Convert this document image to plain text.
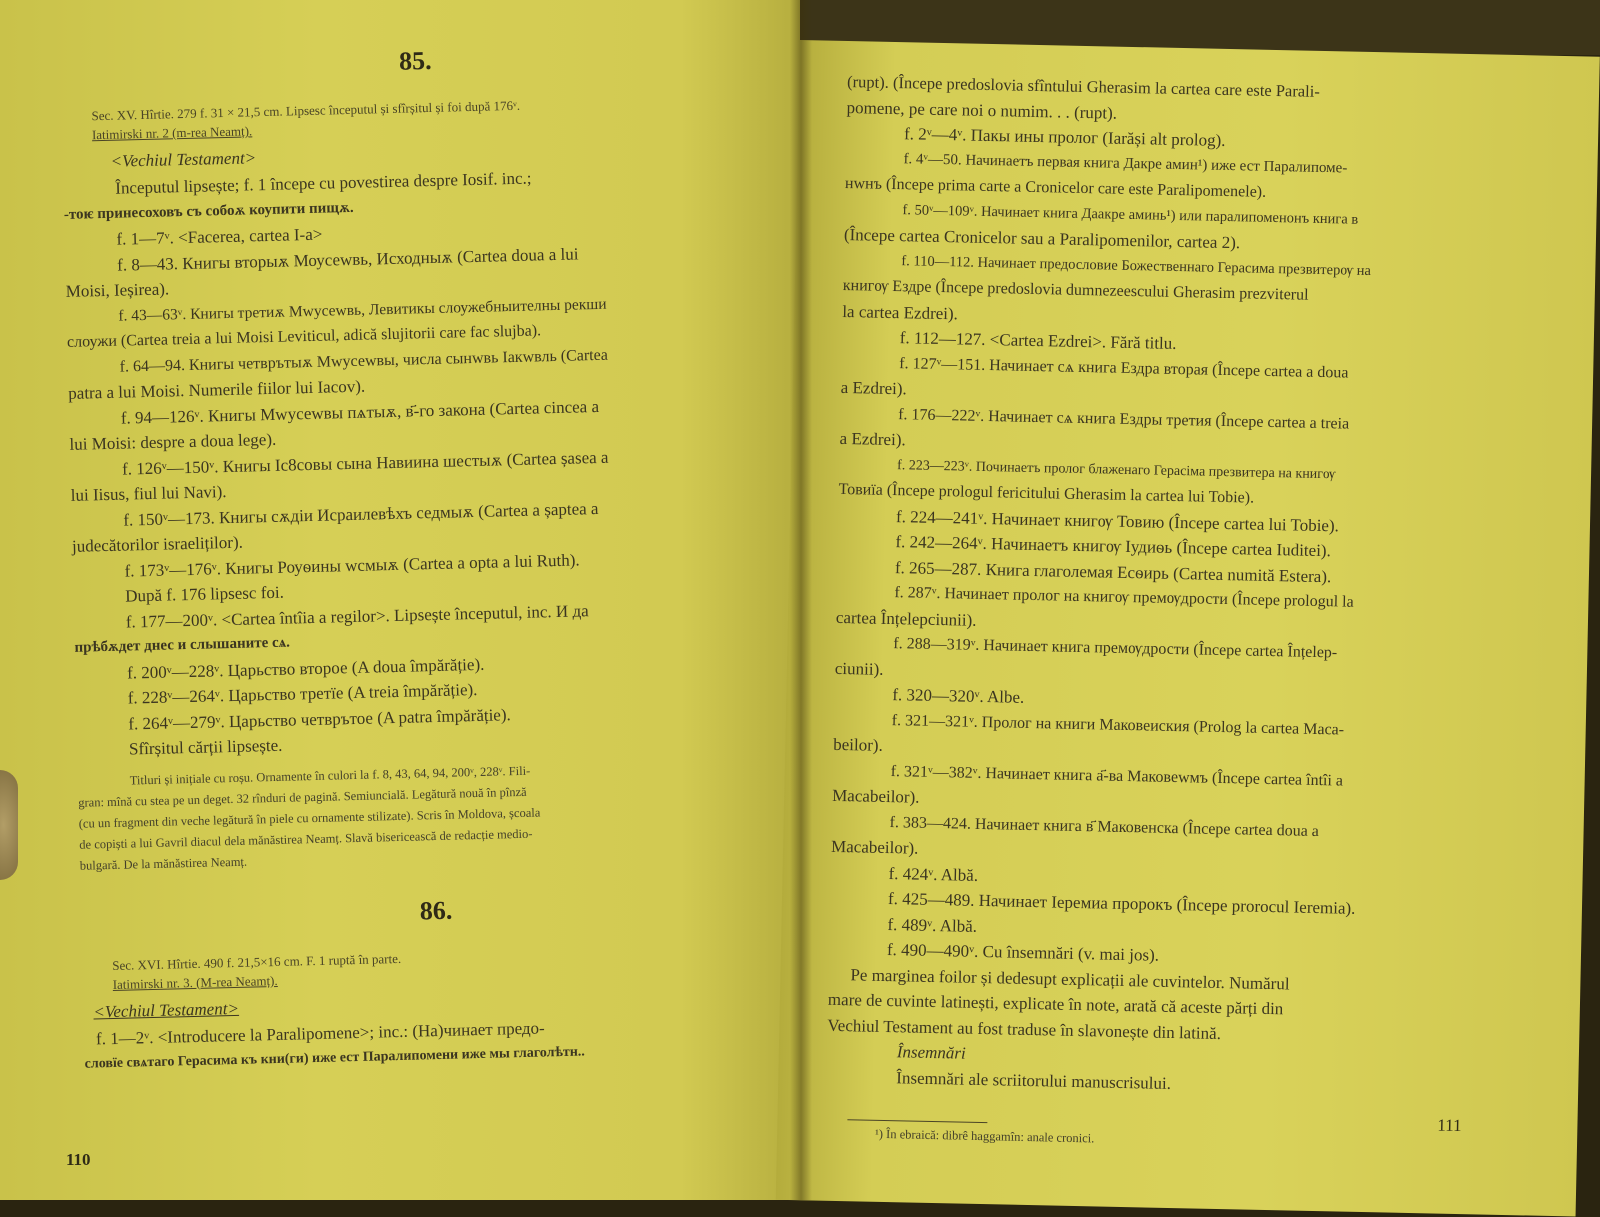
85.
Sec. XV. Hîrtie. 279 f. 31 × 21,5 cm. Lipsesc începutul și sfîrșitul și foi după 176ᵛ.
Iatimirski nr. 2 (m-rea Neamț).
<Vechiul Testament>

Începutul lipsește; f. 1 începe cu povestirea despre Iosif. inc.;

-тоѥ принесоховъ съ собоѫ коупити пищѫ.

f. 1—7ᵛ. <Facerea, cartea I-a>

f. 8—43. Книгы вторыѫ Моусеwвь, Исходныѫ (Cartea doua a lui

Moisi, Ieșirea).

f. 43—63ᵛ. Книгы третиѫ Мwусеwвь, Левитикы слоужебныителны рекши

слоужи (Cartea treia a lui Moisi Leviticul, adică slujitorii care fac slujba).

f. 64—94. Книгы четврътыѫ Мwусеwвы, числа сынwвь Іакwвль (Cartea

patra a lui Moisi. Numerile fiilor lui Iacov).

f. 94—126ᵛ. Книгы Мwусеwвы пѧтыѫ, в҃-го закона (Cartea cincea a

lui Moisi: despre a doua lege).

f. 126ᵛ—150ᵛ. Книгы Іс8совы сына Навиина шестыѫ (Cartea șasea a

lui Iisus, fiul lui Navi).

f. 150ᵛ—173. Книгы сѫдіи Исраилевѣхъ седмыѫ (Cartea a șaptea a

judecătorilor israeliților).

f. 173ᵛ—176ᵛ. Книгы Роуѳины wсмыѫ (Cartea a opta a lui Ruth).

După f. 176 lipsesc foi.

f. 177—200ᵛ. <Cartea întîia a regilor>. Lipsește începutul, inc. И да

прѣбѫдет днес и слышаните сѧ.

f. 200ᵛ—228ᵛ. Царьство второе (A doua împărăție).

f. 228ᵛ—264ᵛ. Царьство третїе (A treia împărăție).

f. 264ᵛ—279ᵛ. Царьство четврътое (A patra împărăție).

Sfîrșitul cărții lipsește.

Titluri și inițiale cu roșu. Ornamente în culori la f. 8, 43, 64, 94, 200ᵛ, 228ᵛ. Fili-

gran: mînă cu stea pe un deget. 32 rînduri de pagină. Semiuncială. Legătură nouă în pînză

(cu un fragment din veche legătură în piele cu ornamente stilizate). Scris în Moldova, școala

de copiști a lui Gavril diacul dela mănăstirea Neamț. Slavă bisericească de redacție medio-

bulgară. De la mănăstirea Neamț.

86.
Sec. XVI. Hîrtie. 490 f. 21,5×16 cm. F. 1 ruptă în parte.
Iatimirski nr. 3. (M-rea Neamț).
<Vechiul Testament>

f. 1—2ᵛ. <Introducere la Paralipomene>; inc.: (На)чинает предо-

словїе свѧтаго Герасима къ кни(ги) иже ест Паралипомени иже мы глаголѣтн..

110

(rupt). (Începe predoslovia sfîntului Gherasim la cartea care este Parali-

pomene, pe care noi o numim. . . (rupt).

f. 2ᵛ—4ᵛ. Пакы ины пролог (Iarăși alt prolog).

f. 4ᵛ—50. Начинаетъ первая книга Дакре амин¹) иже ест Паралипоме-

нwнъ (Începe prima carte a Cronicelor care este Paralipomenele).

f. 50ᵛ—109ᵛ. Начинает книга Даакре аминь¹) или паралипоменонъ книга в

(Începe cartea Cronicelor sau a Paralipomenilor, cartea 2).

f. 110—112. Начинает предословие Божественнаго Герасима презвитерѹ на

книгѹ Ездре (Începe predoslovia dumnezeescului Gherasim prezviterul

la cartea Ezdrei).

f. 112—127. <Cartea Ezdrei>. Fără titlu.

f. 127ᵛ—151. Начинает сѧ книга Ездра вторая (Începe cartea a doua

a Ezdrei).

f. 176—222ᵛ. Начинает сѧ книга Ездры третия (Începe cartea a treia

a Ezdrei).

f. 223—223ᵛ. Починаетъ пролог блаженаго Герасіма презвитера на книгѹ

Товиїа (Începe prologul fericitului Gherasim la cartea lui Tobie).

f. 224—241ᵛ. Начинает книгѹ Товию (Începe cartea lui Tobie).

f. 242—264ᵛ. Начинаетъ книгѹ Іудиѳь (Începe cartea Iuditei).

f. 265—287. Книга глаголемая Есѳирь (Cartea numită Estera).

f. 287ᵛ. Начинает пролог на книгѹ премѹдрости (Începe prologul la

cartea Înțelepciunii).

f. 288—319ᵛ. Начинает книга премѹдрости (Începe cartea Înțelep-

ciunii).

f. 320—320ᵛ. Albe.

f. 321—321ᵛ. Пролог на книги Маковеиския (Prolog la cartea Maca-

beilor).

f. 321ᵛ—382ᵛ. Начинает книга а҃-ва Маковеwмъ (Începe cartea întîi a

Macabeilor).

f. 383—424. Начинает книга в҃ Маковенска (Începe cartea doua a

Macabeilor).

f. 424ᵛ. Albă.

f. 425—489. Начинает Іеремиа пророкъ (Începe prorocul Ieremia).

f. 489ᵛ. Albă.

f. 490—490ᵛ. Cu însemnări (v. mai jos).

Pe marginea foilor și dedesupt explicații ale cuvintelor. Numărul

mare de cuvinte latinești, explicate în note, arată că aceste părți din

Vechiul Testament au fost traduse în slavonește din latină.

Însemnări

Însemnări ale scriitorului manuscrisului.

¹) În ebraică: dibrê haggamîn: anale cronici.
111
